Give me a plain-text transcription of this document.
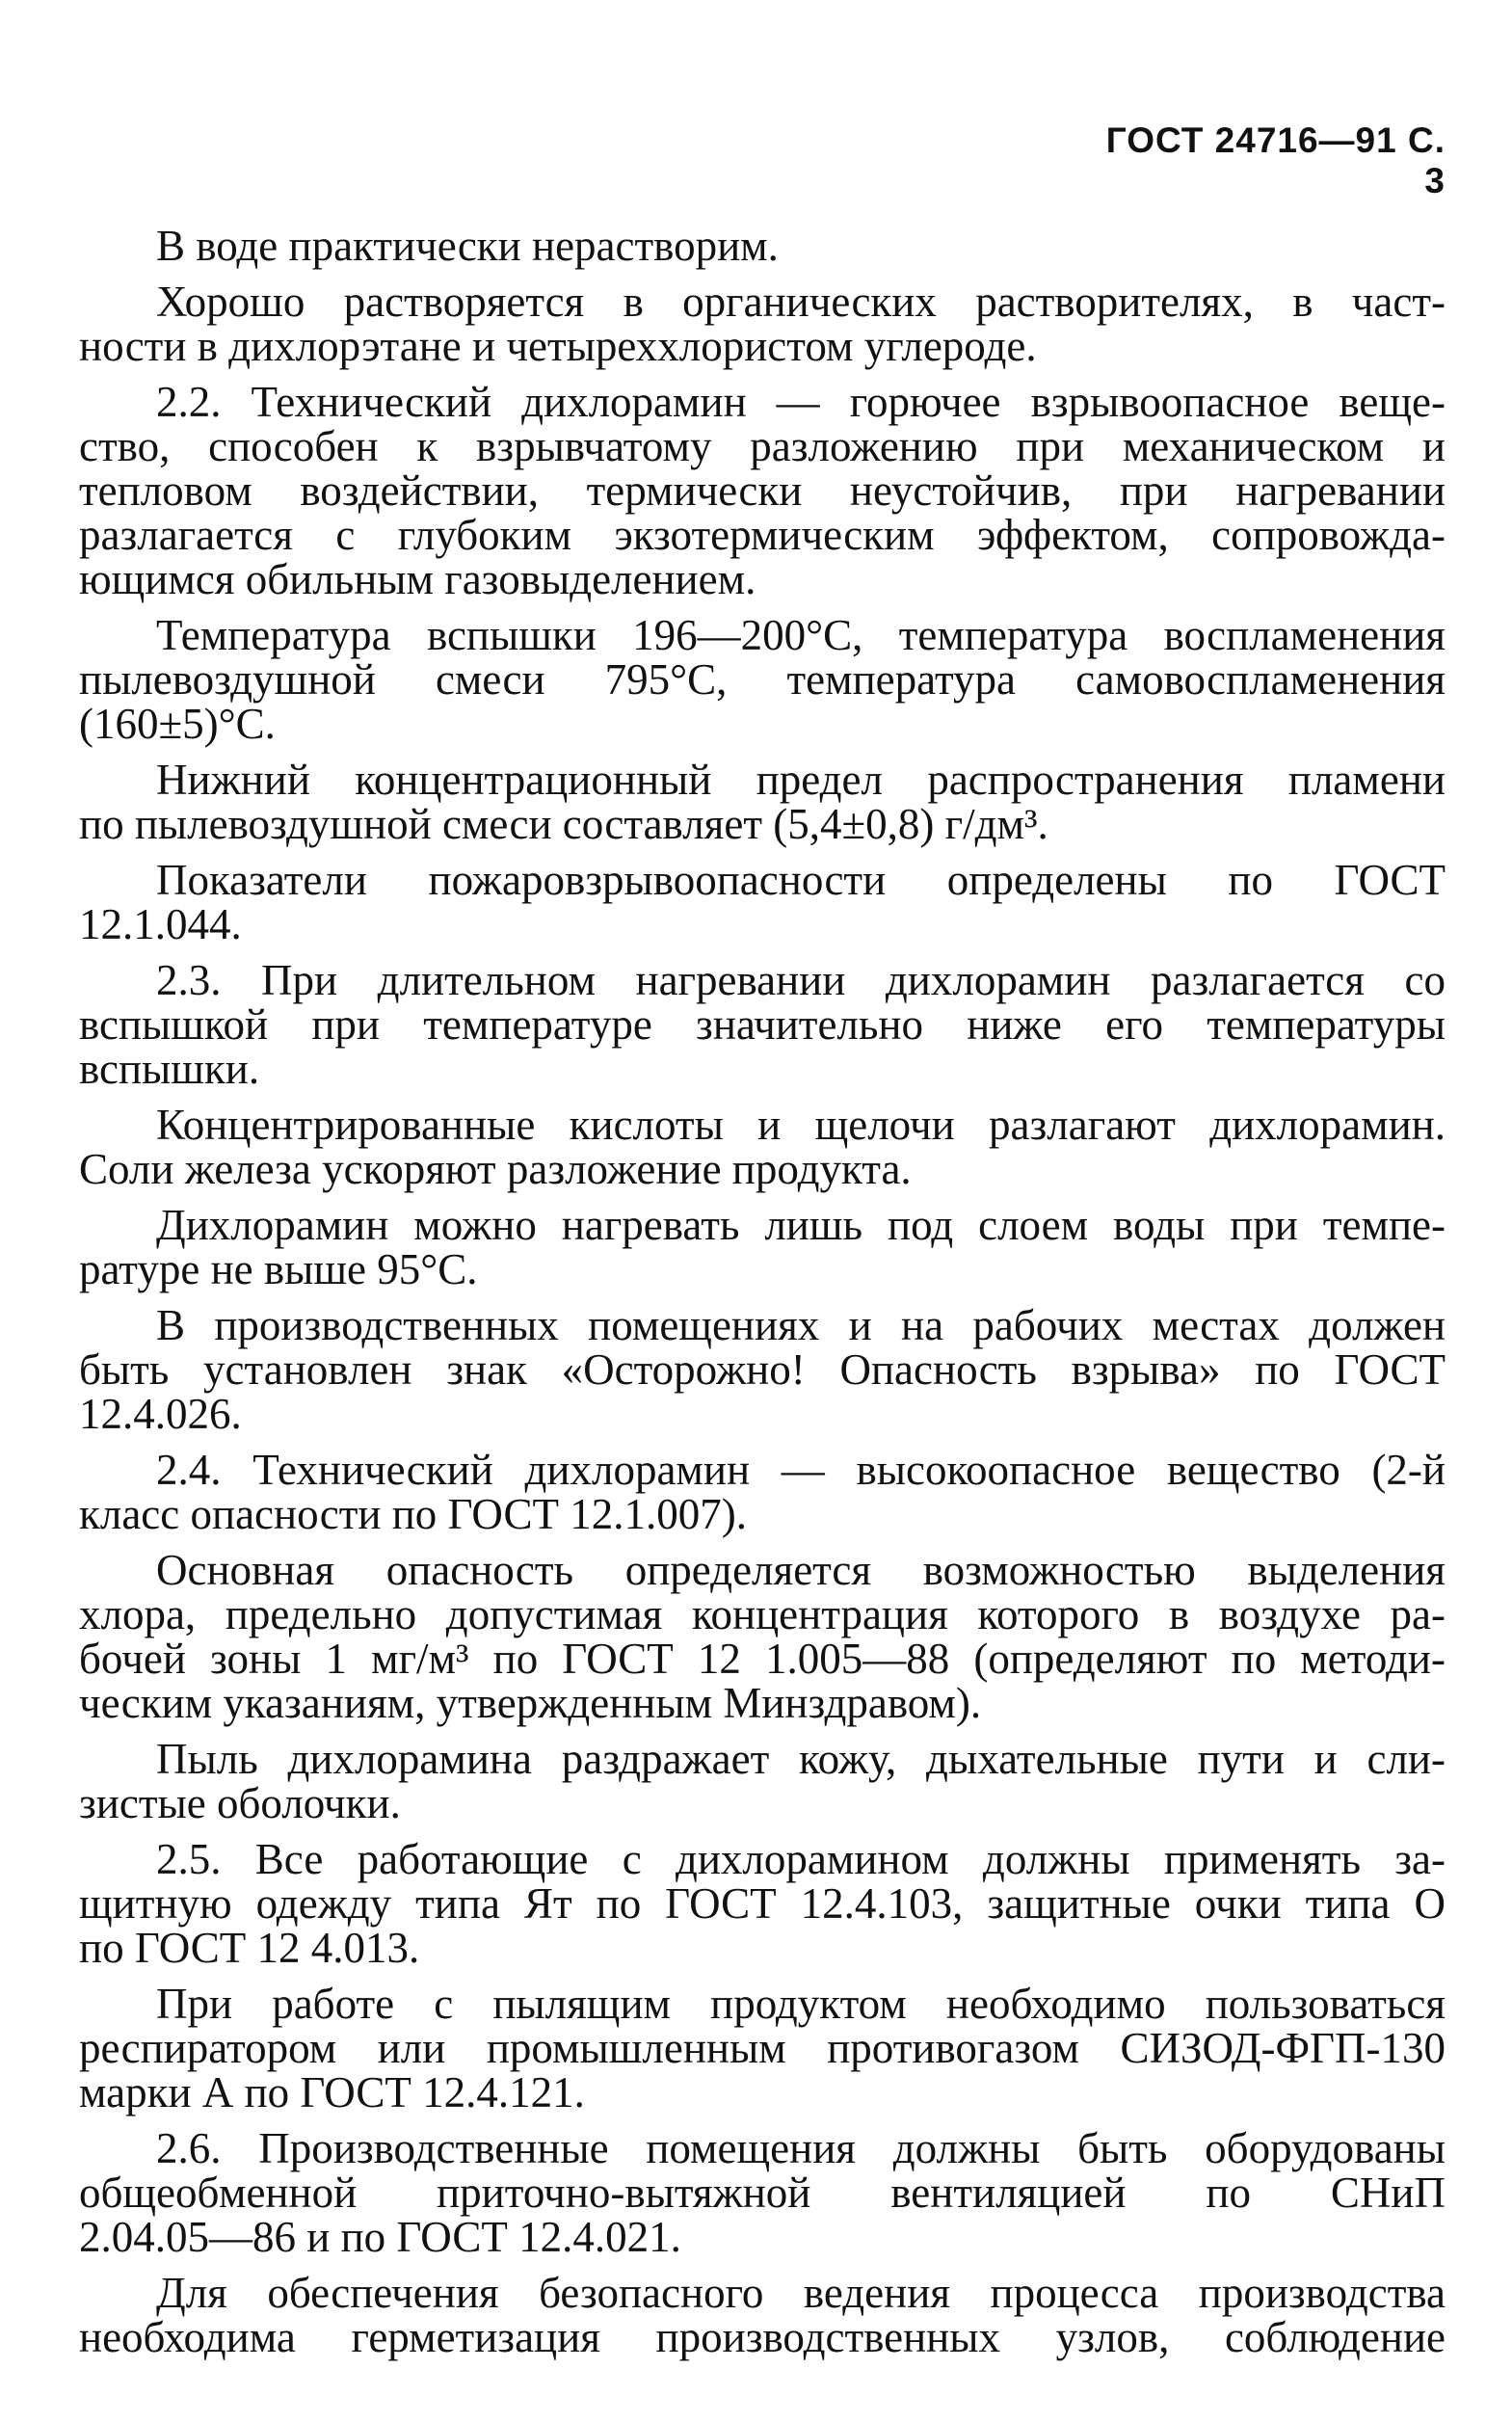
ГОСТ 24716—91 С. 3
В воде практически нерастворим.
Хорошо растворяется в органических растворителях, в част-
ности в дихлорэтане и четыреххлористом углероде.
2.2. Технический дихлорамин — горючее взрывоопасное веще-
ство, способен к взрывчатому разложению при механическом и
тепловом воздействии, термически неустойчив, при нагревании
разлагается с глубоким экзотермическим эффектом, сопровожда-
ющимся обильным газовыделением.
Температура вспышки 196—200°С, температура воспламенения
пылевоздушной смеси 795°С, температура самовоспламенения
(160±5)°С.
Нижний концентрационный предел распространения пламени
по пылевоздушной смеси составляет (5,4±0,8) г/дм³.
Показатели пожаровзрывоопасности определены по ГОСТ
12.1.044.
2.3. При длительном нагревании дихлорамин разлагается со
вспышкой при температуре значительно ниже его температуры
вспышки.
Концентрированные кислоты и щелочи разлагают дихлорамин.
Соли железа ускоряют разложение продукта.
Дихлорамин можно нагревать лишь под слоем воды при темпе-
ратуре не выше 95°С.
В производственных помещениях и на рабочих местах должен
быть установлен знак «Осторожно! Опасность взрыва» по ГОСТ
12.4.026.
2.4. Технический дихлорамин — высокоопасное вещество (2-й
класс опасности по ГОСТ 12.1.007).
Основная опасность определяется возможностью выделения
хлора, предельно допустимая концентрация которого в воздухе ра-
бочей зоны 1 мг/м³ по ГОСТ 12 1.005—88 (определяют по методи-
ческим указаниям, утвержденным Минздравом).
Пыль дихлорамина раздражает кожу, дыхательные пути и сли-
зистые оболочки.
2.5. Все работающие с дихлорамином должны применять за-
щитную одежду типа Ят по ГОСТ 12.4.103, защитные очки типа О
по ГОСТ 12 4.013.
При работе с пылящим продуктом необходимо пользоваться
респиратором или промышленным противогазом СИЗОД-ФГП-130
марки А по ГОСТ 12.4.121.
2.6. Производственные помещения должны быть оборудованы
общеобменной приточно-вытяжной вентиляцией по СНиП
2.04.05—86 и по ГОСТ 12.4.021.
Для обеспечения безопасного ведения процесса производства
необходима герметизация производственных узлов, соблюдение
